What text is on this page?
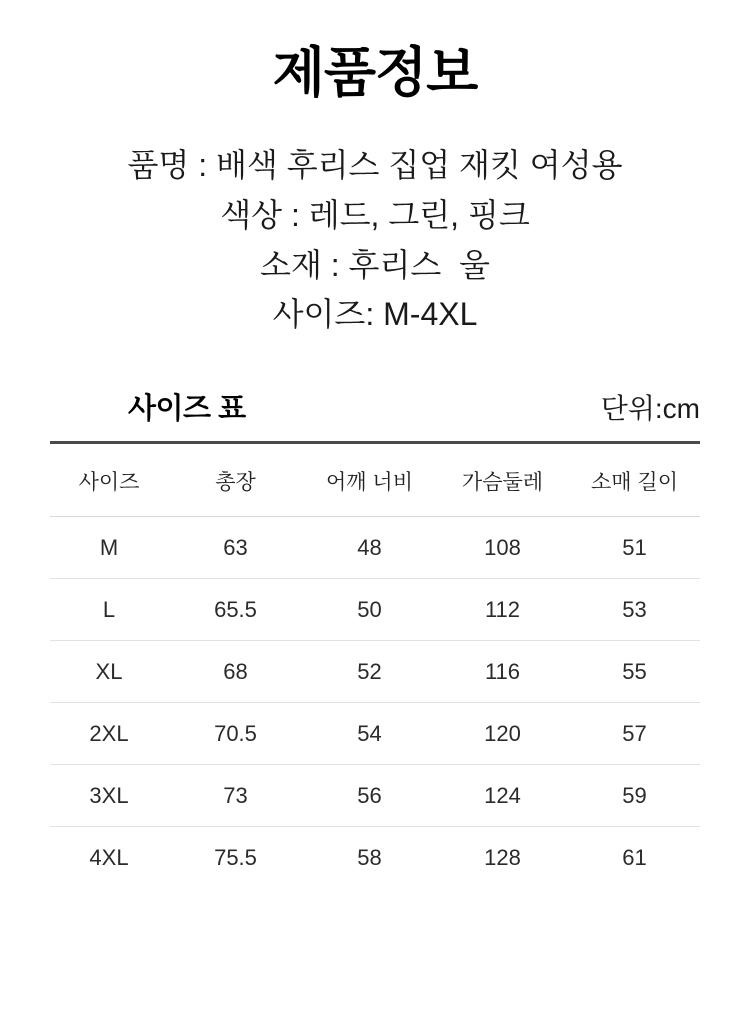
제품정보
품명 : 배색 후리스 집업 재킷 여성용
색상 : 레드, 그린, 핑크
소재 : 후리스  울
사이즈: M-4XL
사이즈 표	단위:cm
사이즈	총장	어깨 너비	가슴둘레	소매 길이
M	63	48	108	51
L	65.5	50	112	53
XL	68	52	116	55
2XL	70.5	54	120	57
3XL	73	56	124	59
4XL	75.5	58	128	61
